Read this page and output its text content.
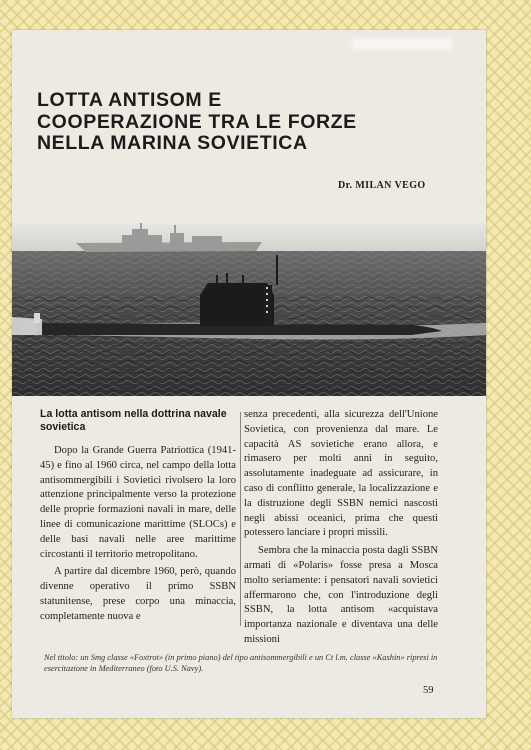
LOTTA ANTISOM E
COOPERAZIONE TRA LE FORZE
NELLA MARINA SOVIETICA
Dr. MILAN VEGO
La lotta antisom nella dottrina navale sovietica

Dopo la Grande Guerra Patriottica (1941-45) e fino al 1960 circa, nel campo della lotta antisommergibili i Sovietici rivolsero la loro attenzione principalmente verso la protezione delle proprie formazioni navali in mare, delle linee di comunicazione marittime (SLOCs) e delle basi navali nelle aree marittime circostanti il territorio metropolitano.

A partire dal dicembre 1960, però, quando divenne operativo il primo SSBN statunitense, prese corpo una minaccia, completamente nuova e

senza precedenti, alla sicurezza dell'Unione Sovietica, con provenienza dal mare. Le capacità AS sovietiche erano allora, e rimasero per molti anni in seguito, assolutamente inadeguate ad assicurare, in caso di conflitto generale, la localizzazione e la distruzione degli SSBN nemici nascosti negli abissi oceanici, prima che questi potessero lanciare i propri missili.

Sembra che la minaccia posta dagli SSBN armati di «Polaris» fosse presa a Mosca molto seriamente: i pensatori navali sovietici affermarono che, con l'introduzione degli SSBN, la lotta antisom «acquistava importanza nazionale e diventava una delle missioni

Nel titolo: un Smg classe «Foxtrot» (in primo piano) del tipo antisommergibili e un Ct l.m. classe «Kashin» ripresi in esercitazione in Mediterraneo (foto U.S. Navy).
59
